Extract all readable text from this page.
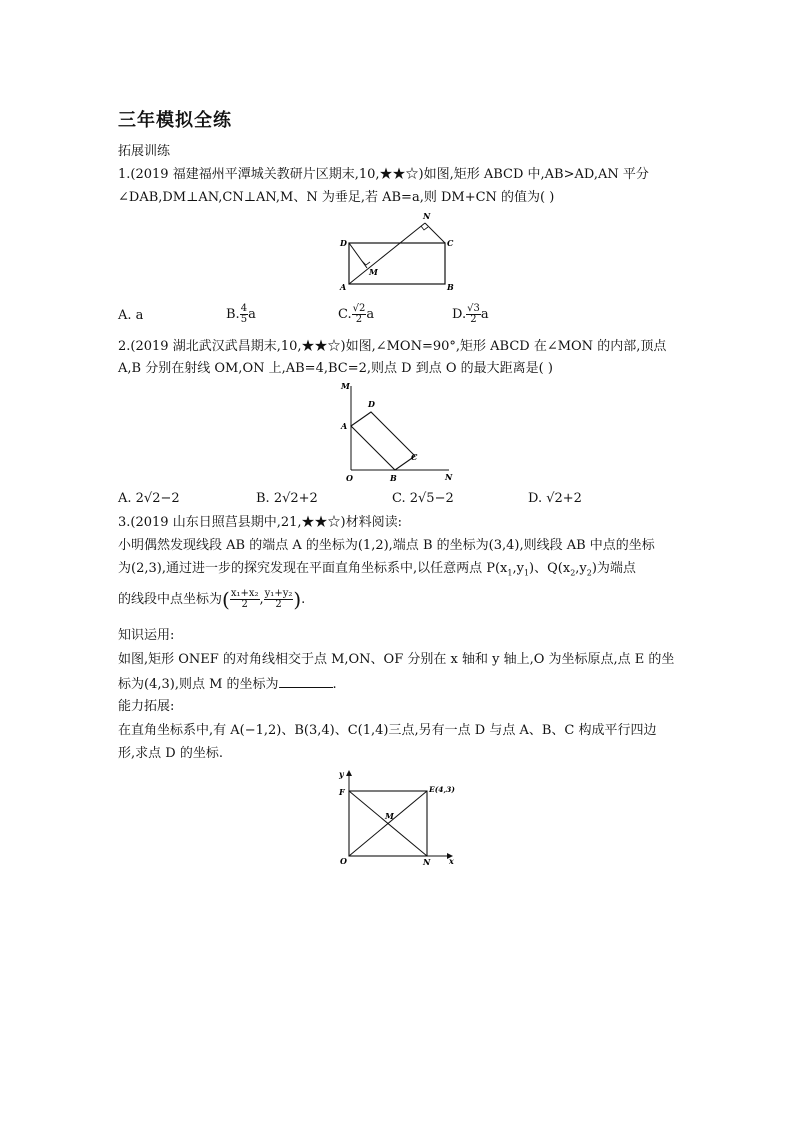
三年模拟全练
拓展训练
1.(2019 福建福州平潭城关教研片区期末,10,★★☆)如图,矩形 ABCD 中,AB>AD,AN 平分
∠DAB,DM⊥AN,CN⊥AN,M、N 为垂足,若 AB=a,则 DM+CN 的值为( )
D	C
A	B
M
N
A. a	B. $\frac{4}{5}$ a	C. $\frac{√2}{2}$ a	D. $\frac{√3}{2}$ a
2.(2019 湖北武汉武昌期末,10,★★☆)如图,∠MON=90°,矩形 ABCD 在∠MON 的内部,顶点
A,B 分别在射线 OM,ON 上,AB=4,BC=2,则点 D 到点 O 的最大距离是( )
M
D
A
C
O	B	N
A. 2√2−2	B. 2√2+2	C. 2√5−2	D. √2+2
3.(2019 山东日照莒县期中,21,★★☆)材料阅读:
小明偶然发现线段 AB 的端点 A 的坐标为(1,2),端点 B 的坐标为(3,4),则线段 AB 中点的坐标
为(2,3),通过进一步的探究发现在平面直角坐标系中,以任意两点 $P(x_1,y_1)$、$Q(x_2,y_2)$为端点
的线段中点坐标为( $\frac{\text{x₁+x₂}}{2}$ , $\frac{\text{y₁+y₂}}{2}$ ).
知识运用:
如图,矩形 ONEF 的对角线相交于点 M,ON、OF 分别在 x 轴和 y 轴上,O 为坐标原点,点 E 的坐
标为(4,3),则点 M 的坐标为	.
能力拓展:
在直角坐标系中,有 A(−1,2)、B(3,4)、C(1,4)三点,另有一点 D 与点 A、B、C 构成平行四边
形,求点 D 的坐标.
y
F	E(4,3)
M
O	N x
